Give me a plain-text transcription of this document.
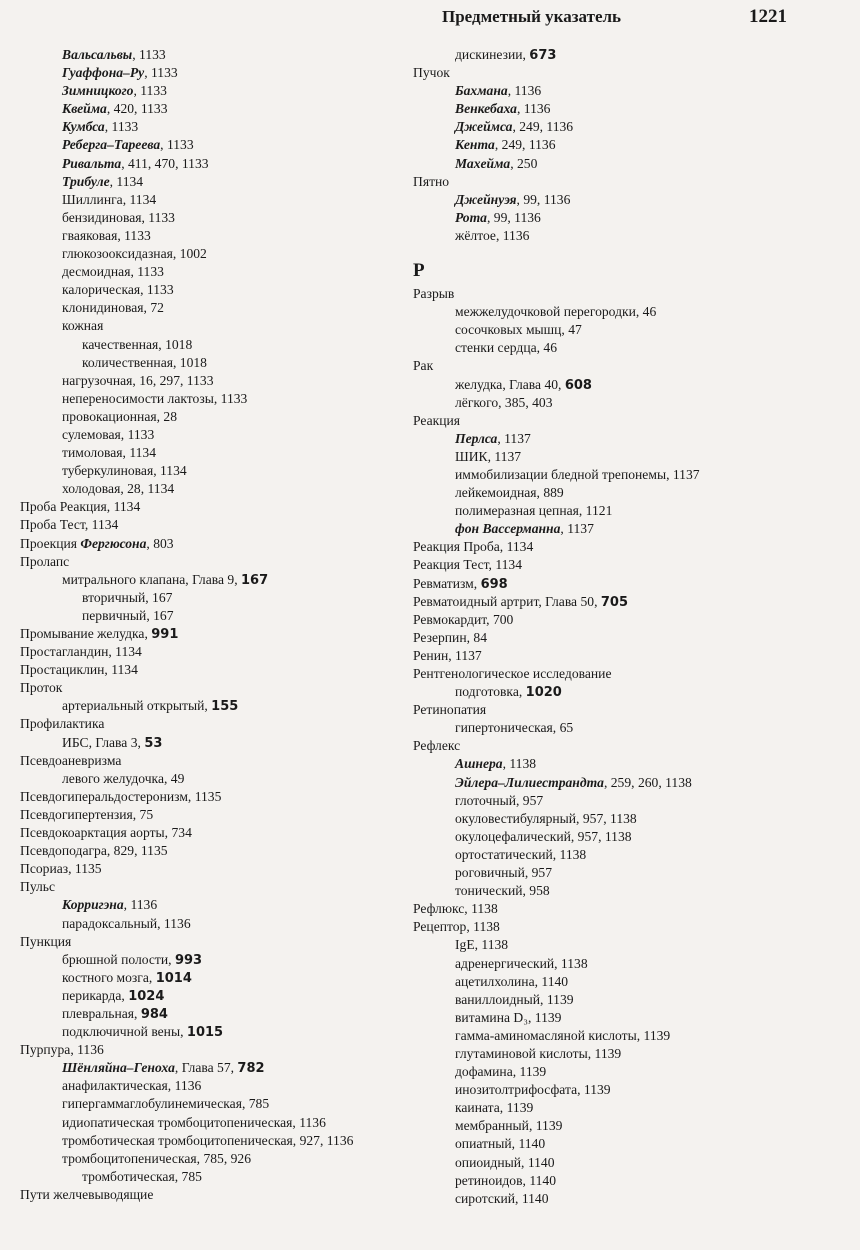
Предметный указатель	1221
Вальсальвы, 1133
Гуаффона–Ру, 1133
Зимницкого, 1133
Квейма, 420, 1133
Кумбса, 1133
Реберга–Тареева, 1133
Ривальта, 411, 470, 1133
Трибуле, 1134
Шиллинга, 1134
бензидиновая, 1133
гваяковая, 1133
глюкозооксидазная, 1002
десмоидная, 1133
калорическая, 1133
клонидиновая, 72
кожная
качественная, 1018
количественная, 1018
нагрузочная, 16, 297, 1133
непереносимости лактозы, 1133
провокационная, 28
сулемовая, 1133
тимоловая, 1134
туберкулиновая, 1134
холодовая, 28, 1134
Проба Реакция, 1134
Проба Тест, 1134
Проекция Фергюсона, 803
Пролапс
митрального клапана, Глава 9, 167
вторичный, 167
первичный, 167
Промывание желудка, 991
Простагландин, 1134
Простациклин, 1134
Проток
артериальный открытый, 155
Профилактика
ИБС, Глава 3, 53
Псевдоаневризма
левого желудочка, 49
Псевдогиперальдостеронизм, 1135
Псевдогипертензия, 75
Псевдокоарктация аорты, 734
Псевдоподагра, 829, 1135
Псориаз, 1135
Пульс
Корригэна, 1136
парадоксальный, 1136
Пункция
брюшной полости, 993
костного мозга, 1014
перикарда, 1024
плевральная, 984
подключичной вены, 1015
Пурпура, 1136
Шёнляйна–Геноха, Глава 57, 782
анафилактическая, 1136
гипергаммаглобулинемическая, 785
идиопатическая тромбоцитопеническая, 1136
тромботическая тромбоцитопеническая, 927, 1136
тромбоцитопеническая, 785, 926
тромботическая, 785
Пути желчевыводящие
дискинезии, 673
Пучок
Бахмана, 1136
Венкебаха, 1136
Джеймса, 249, 1136
Кента, 249, 1136
Махейма, 250
Пятно
Джейнуэя, 99, 1136
Рота, 99, 1136
жёлтое, 1136
Р
Разрыв
межжелудочковой перегородки, 46
сосочковых мышц, 47
стенки сердца, 46
Рак
желудка, Глава 40, 608
лёгкого, 385, 403
Реакция
Перлса, 1137
ШИК, 1137
иммобилизации бледной трепонемы, 1137
лейкемоидная, 889
полимеразная цепная, 1121
фон Вассерманна, 1137
Реакция Проба, 1134
Реакция Тест, 1134
Ревматизм, 698
Ревматоидный артрит, Глава 50, 705
Ревмокардит, 700
Резерпин, 84
Ренин, 1137
Рентгенологическое исследование
подготовка, 1020
Ретинопатия
гипертоническая, 65
Рефлекс
Ашнера, 1138
Эйлера–Лилиестрандта, 259, 260, 1138
глоточный, 957
окуловестибулярный, 957, 1138
окулоцефалический, 957, 1138
ортостатический, 1138
роговичный, 957
тонический, 958
Рефлюкс, 1138
Рецептор, 1138
IgE, 1138
адренергический, 1138
ацетилхолина, 1140
ваниллоидный, 1139
витамина D₃, 1139
гамма-аминомасляной кислоты, 1139
глутаминовой кислоты, 1139
дофамина, 1139
инозитолтрифосфата, 1139
каината, 1139
мембранный, 1139
опиатный, 1140
опиоидный, 1140
ретиноидов, 1140
сиротский, 1140
